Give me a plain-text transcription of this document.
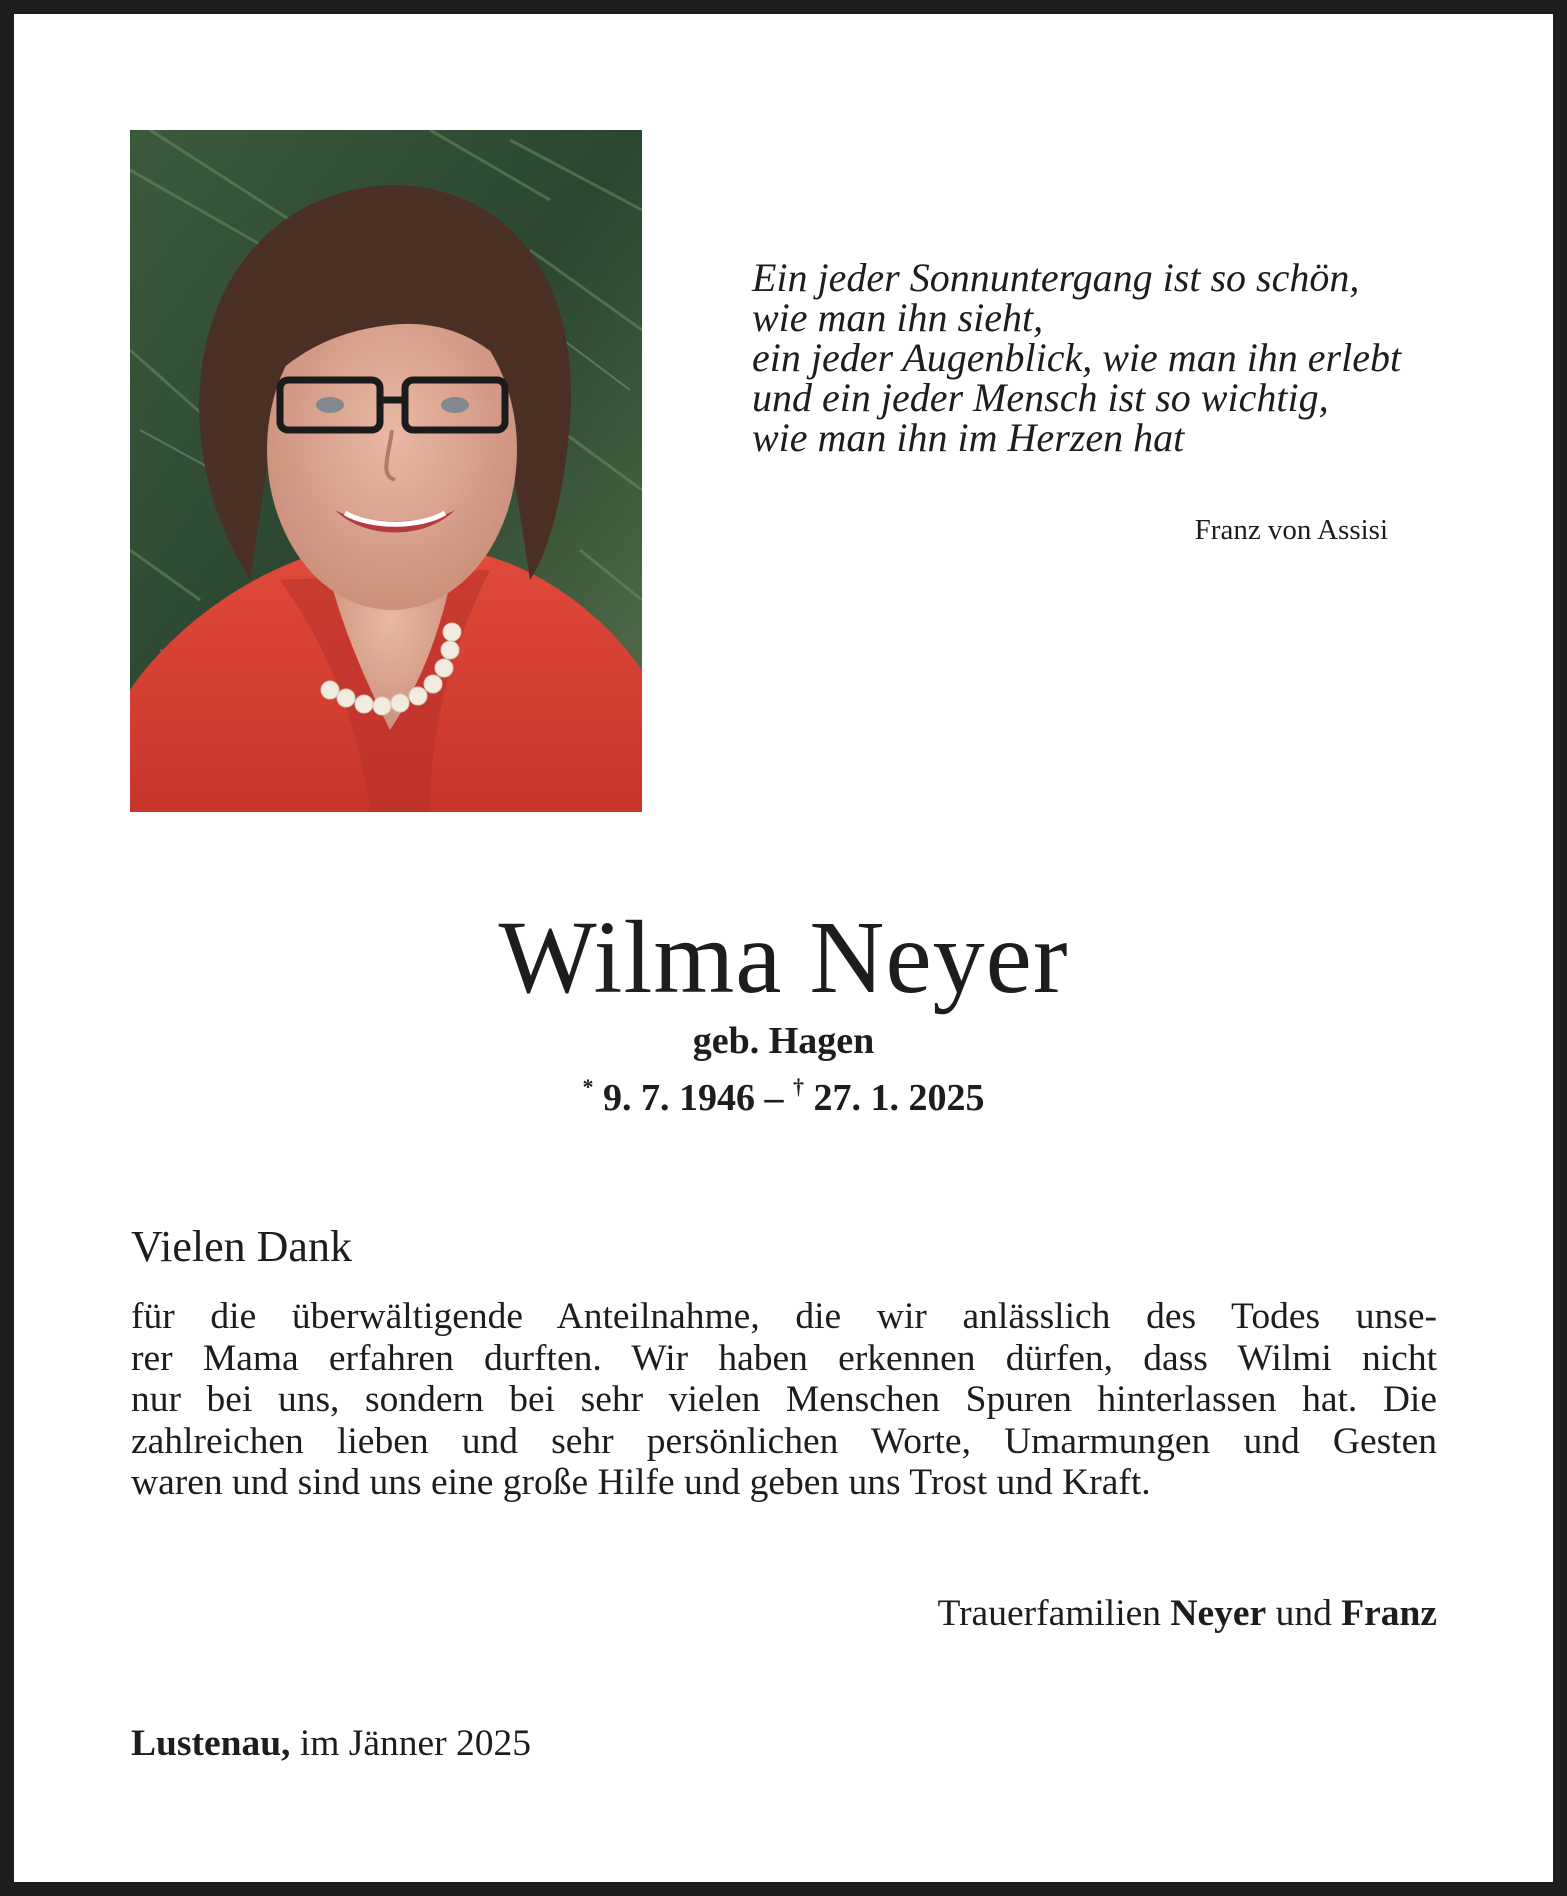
Ein jeder Sonnuntergang ist so schön,
wie man ihn sieht,
ein jeder Augenblick, wie man ihn erlebt
und ein jeder Mensch ist so wichtig,
wie man ihn im Herzen hat
Franz von Assisi
Wilma Neyer
geb. Hagen
* 9. 7. 1946 – † 27. 1. 2025
Vielen Dank
für die überwältigende Anteilnahme, die wir anlässlich des Todes unse-
rer Mama erfahren durften. Wir haben erkennen dürfen, dass Wilmi nicht
nur bei uns, sondern bei sehr vielen Menschen Spuren hinterlassen hat. Die
zahlreichen lieben und sehr persönlichen Worte, Umarmungen und Gesten
waren und sind uns eine große Hilfe und geben uns Trost und Kraft.
Trauerfamilien Neyer und Franz
Lustenau, im Jänner 2025
